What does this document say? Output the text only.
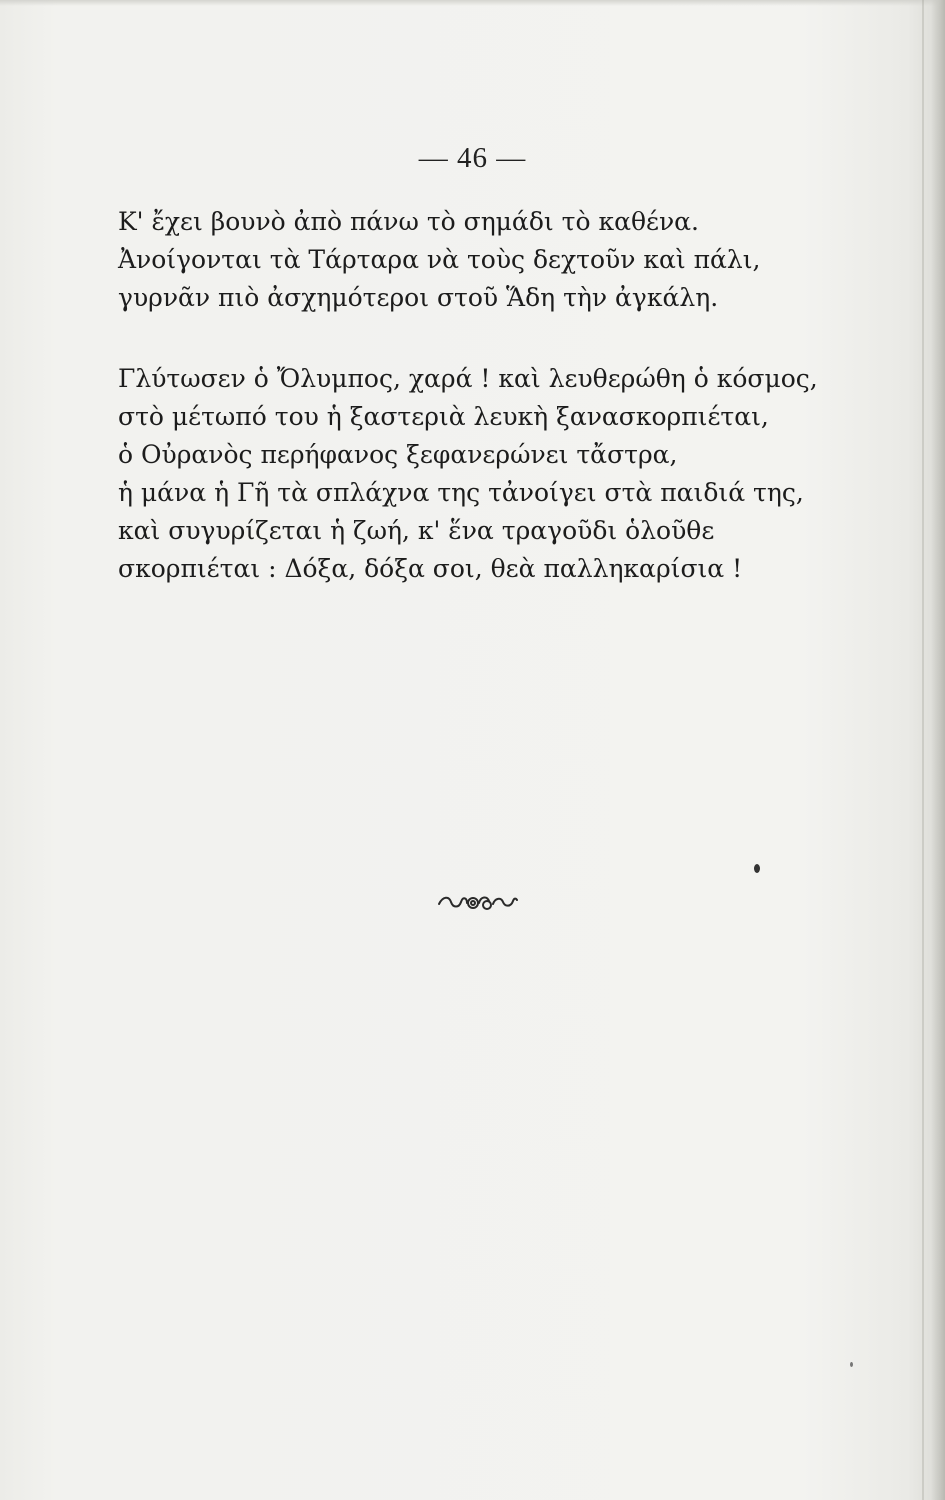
— 46 —
Κ' ἔχει βουνὸ ἀπὸ πάνω τὸ σημάδι τὸ καθένα.
Ἀνοίγονται τὰ Τάρταρα νὰ τοὺς δεχτοῦν καὶ πάλι,
γυρνᾶν πιὸ ἀσχημότεροι στοῦ Ἅδη τὴν ἀγκάλη.
Γλύτωσεν ὁ Ὄλυμπος, χαρά ! καὶ λευθερώθη ὁ κόσμος,
στὸ μέτωπό του ἡ ξαστεριὰ λευκὴ ξανασκορπιέται,
ὁ Οὐρανὸς περήφανος ξεφανερώνει τἄστρα,
ἡ μάνα ἡ Γῆ τὰ σπλάχνα της τἀνοίγει στὰ παιδιά της,
καὶ συγυρίζεται ἡ ζωή, κ' ἕνα τραγοῦδι ὁλοῦθε
σκορπιέται : Δόξα, δόξα σοι, θεὰ παλληκαρίσια !
